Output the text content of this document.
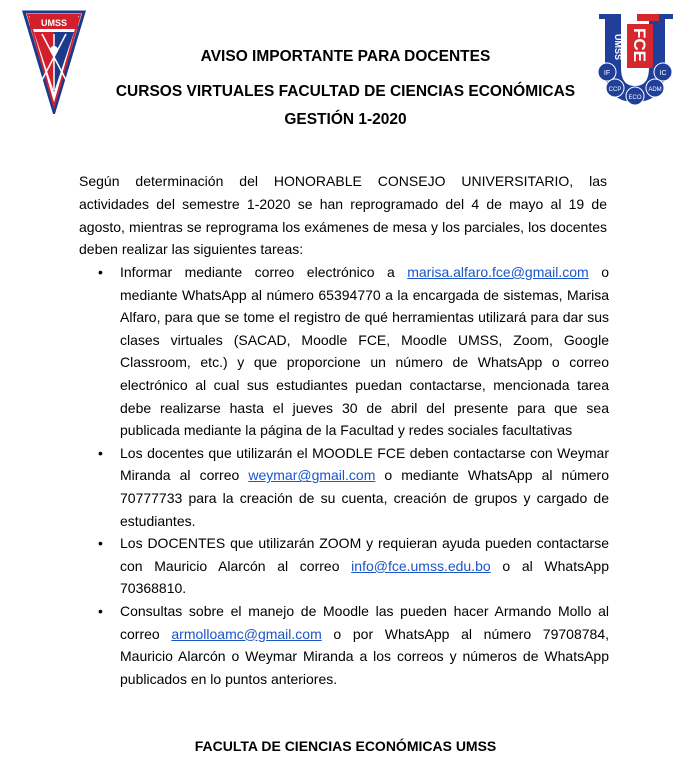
UMSS
UMSS FCE
IF	IC
CCP	ADM
ECO
AVISO IMPORTANTE PARA DOCENTES
CURSOS VIRTUALES FACULTAD DE CIENCIAS ECONÓMICAS
GESTIÓN 1-2020
Según determinación del HONORABLE CONSEJO UNIVERSITARIO, las actividades del semestre 1-2020 se han reprogramado del 4 de mayo al 19 de agosto, mientras se reprograma los exámenes de mesa y los parciales, los docentes deben realizar las siguientes tareas:
• Informar mediante correo electrónico a marisa.alfaro.fce@gmail.com o mediante WhatsApp al número 65394770 a la encargada de sistemas, Marisa Alfaro, para que se tome el registro de qué herramientas utilizará para dar sus clases virtuales (SACAD, Moodle FCE, Moodle UMSS, Zoom, Google Classroom, etc.) y que proporcione un número de WhatsApp o correo electrónico al cual sus estudiantes puedan contactarse, mencionada tarea debe realizarse hasta el jueves 30 de abril del presente para que sea publicada mediante la página de la Facultad y redes sociales facultativas
• Los docentes que utilizarán el MOODLE FCE deben contactarse con Weymar Miranda al correo weymar@gmail.com o mediante WhatsApp al número 70777733 para la creación de su cuenta, creación de grupos y cargado de estudiantes.
• Los DOCENTES que utilizarán ZOOM y requieran ayuda pueden contactarse con Mauricio Alarcón al correo info@fce.umss.edu.bo o al WhatsApp 70368810.
• Consultas sobre el manejo de Moodle las pueden hacer Armando Mollo al correo armolloamc@gmail.com o por WhatsApp al número 79708784, Mauricio Alarcón o Weymar Miranda a los correos y números de WhatsApp publicados en lo puntos anteriores.
FACULTA DE CIENCIAS ECONÓMICAS UMSS
